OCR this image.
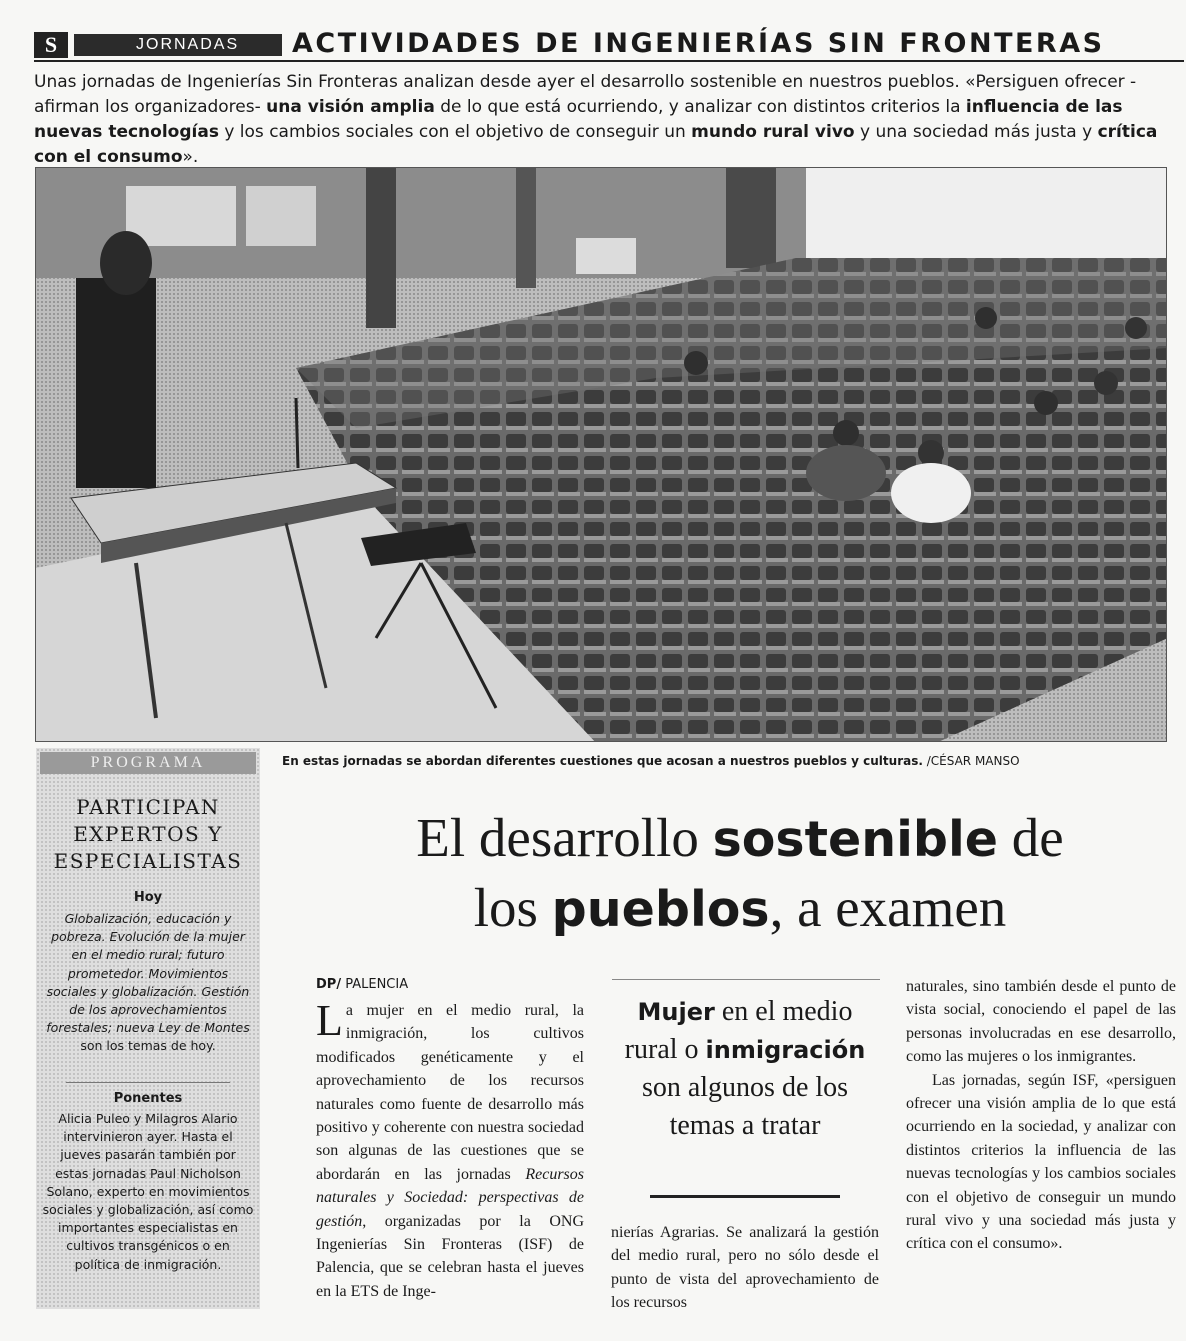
S	JORNADAS	ACTIVIDADES DE INGENIERÍAS SIN FRONTERAS
Unas jornadas de Ingenierías Sin Fronteras analizan desde ayer el desarrollo sostenible en nuestros pueblos. «Persiguen ofrecer -afirman los organizadores- una visión amplia de lo que está ocurriendo, y analizar con distintos criterios la influencia de las nuevas tecnologías y los cambios sociales con el objetivo de conseguir un mundo rural vivo y una sociedad más justa y crítica con el consumo».
En estas jornadas se abordan diferentes cuestiones que acosan a nuestros pueblos y culturas. /CÉSAR MANSO
PROGRAMA
PARTICIPAN
EXPERTOS Y
ESPECIALISTAS
Hoy
Globalización, educación y pobreza. Evolución de la mujer en el medio rural; futuro prometedor. Movimientos sociales y globalización. Gestión de los aprovechamientos forestales; nueva Ley de Montes son los temas de hoy.
Ponentes
Alicia Puleo y Milagros Alario intervinieron ayer. Hasta el jueves pasarán también por estas jornadas Paul Nicholson Solano, experto en movimientos sociales y globalización, así como importantes especialistas en cultivos transgénicos o en política de inmigración.
El desarrollo sostenible de
los pueblos, a examen
DP/ PALENCIA
La mujer en el medio rural, la inmigración, los cultivos modificados genéticamente y el aprovechamiento de los recursos naturales como fuente de desarrollo más positivo y coherente con nuestra sociedad son algunas de las cuestiones que se abordarán en las jornadas Recursos naturales y Sociedad: perspectivas de gestión, organizadas por la ONG Ingenierías Sin Fronteras (ISF) de Palencia, que se celebran hasta el jueves en la ETS de Inge-
Mujer en el medio rural o inmigración son algunos de los temas a tratar
nierías Agrarias. Se analizará la gestión del medio rural, pero no sólo desde el punto de vista del aprovechamiento de los recursos
naturales, sino también desde el punto de vista social, conociendo el papel de las personas involucradas en ese desarrollo, como las mujeres o los inmigrantes.
Las jornadas, según ISF, «persiguen ofrecer una visión amplia de lo que está ocurriendo en la sociedad, y analizar con distintos criterios la influencia de las nuevas tecnologías y los cambios sociales con el objetivo de conseguir un mundo rural vivo y una sociedad más justa y crítica con el consumo».
